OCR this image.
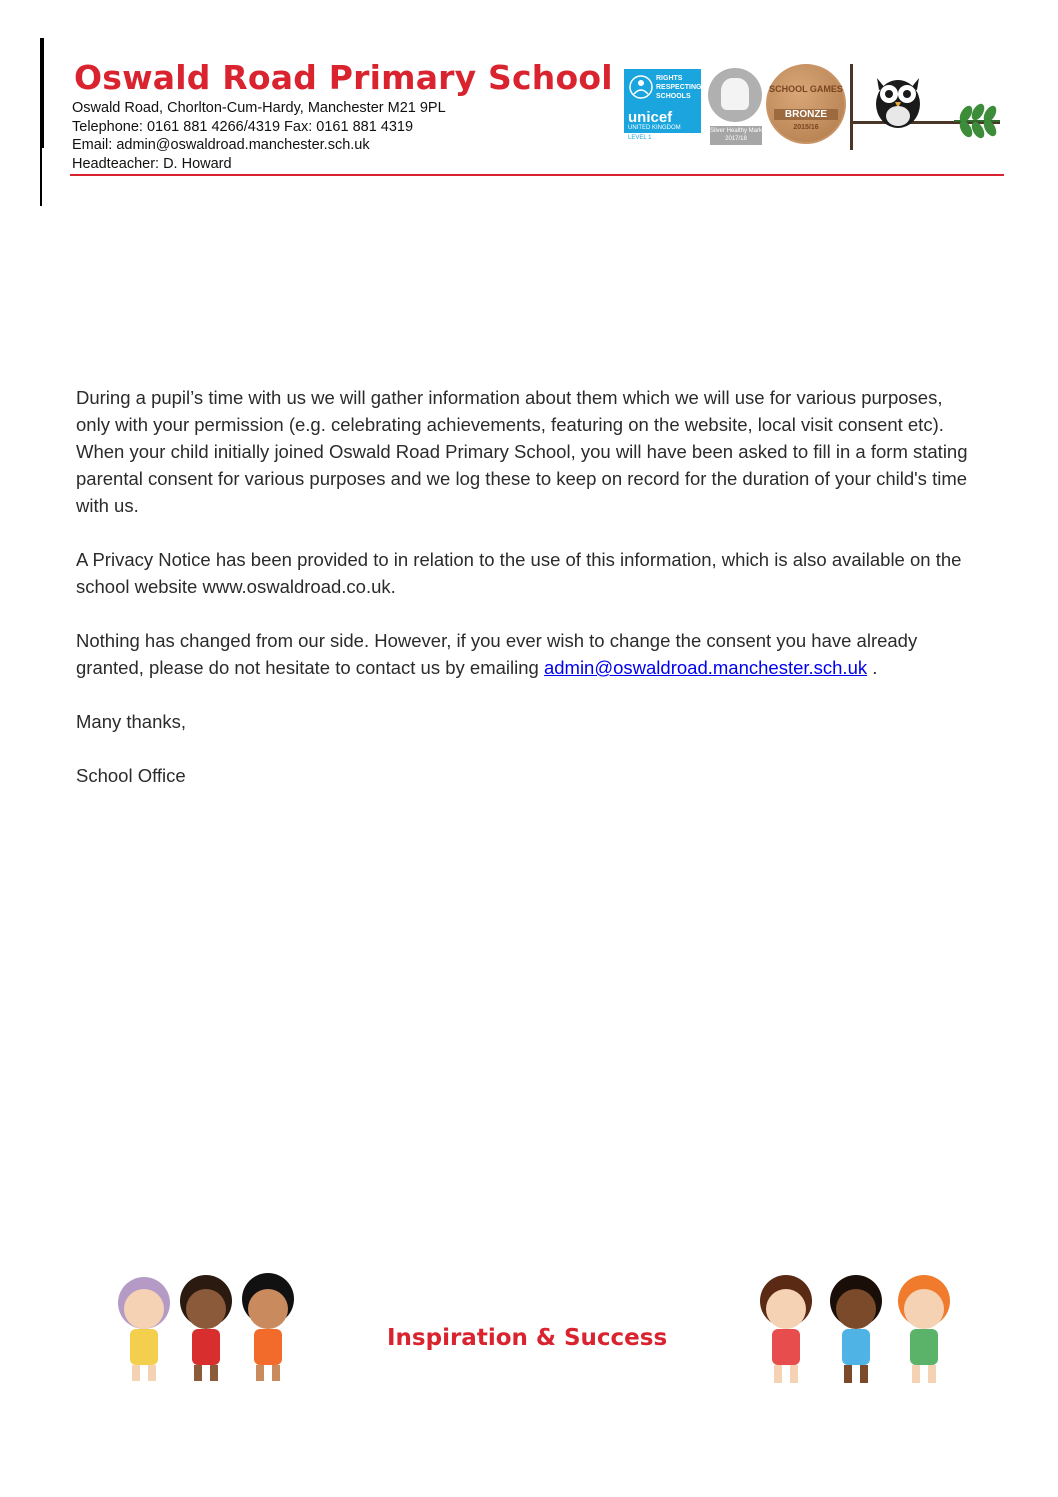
Oswald Road Primary School
Oswald Road, Chorlton-Cum-Hardy, Manchester M21 9PL
Telephone: 0161 881 4266/4319 Fax: 0161 881 4319
Email: admin@oswaldroad.manchester.sch.uk
Headteacher: D. Howard
RIGHTS RESPECTING SCHOOLS
unicef
UNITED KINGDOM
LEVEL 1
Silver Healthy Mark 2017/18
SCHOOL GAMES
BRONZE
2015/16

During a pupil’s time with us we will gather information about them which we will use for various purposes, only with your permission (e.g. celebrating achievements, featuring on the website, local visit consent etc). When your child initially joined Oswald Road Primary School, you will have been asked to fill in a form stating parental consent for various purposes and we log these to keep on record for the duration of your child's time with us.

A Privacy Notice has been provided to in relation to the use of this information, which is also available on the school website www.oswaldroad.co.uk.

Nothing has changed from our side. However, if you ever wish to change the consent you have already granted, please do not hesitate to contact us by emailing admin@oswaldroad.manchester.sch.uk .

Many thanks,

School Office

Inspiration & Success
